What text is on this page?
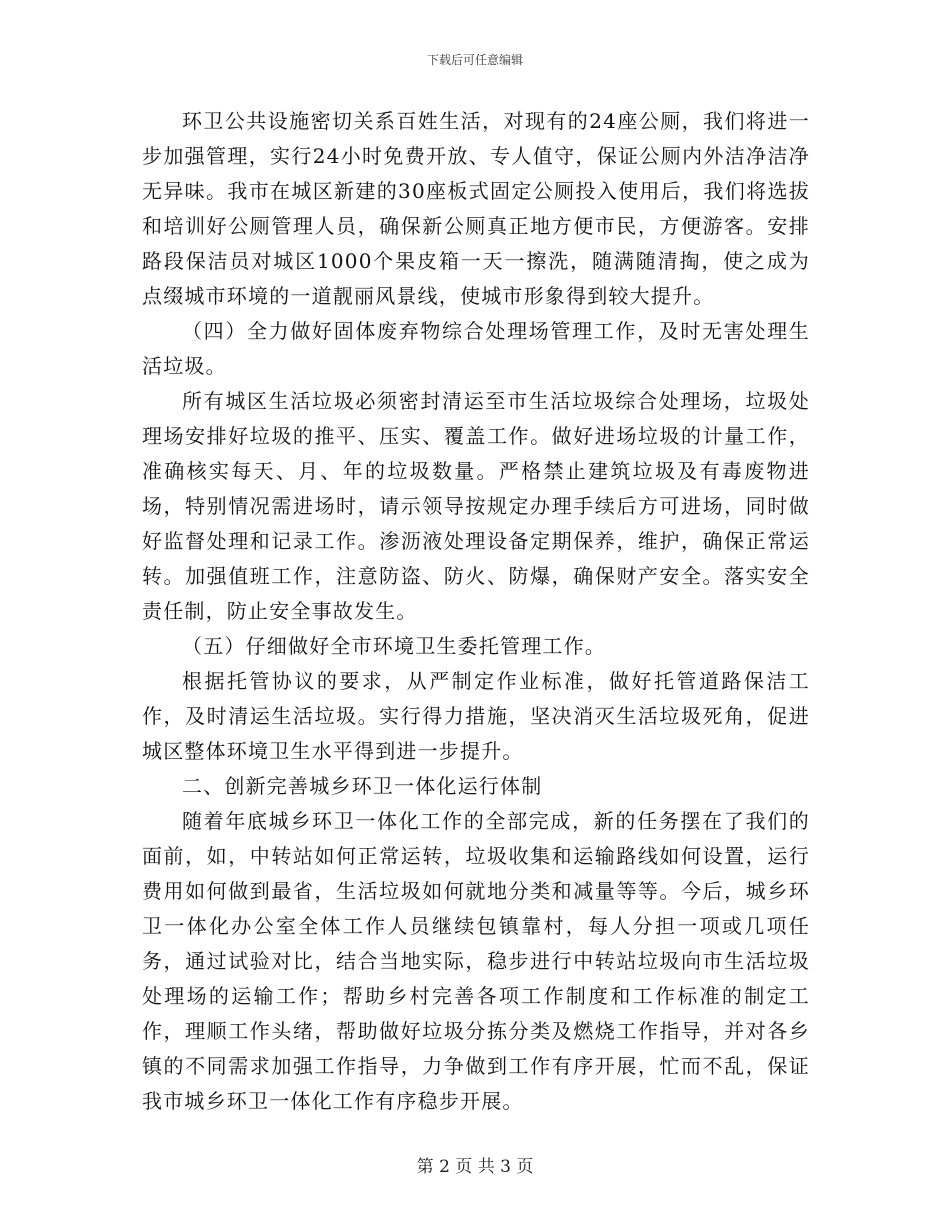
下载后可任意编辑

环卫公共设施密切关系百姓生活，对现有的24座公厕，我们将进一步加强管理，实行24小时免费开放、专人值守，保证公厕内外洁净洁净无异味。我市在城区新建的30座板式固定公厕投入使用后，我们将选拔和培训好公厕管理人员，确保新公厕真正地方便市民，方便游客。安排路段保洁员对城区1000个果皮箱一天一擦洗，随满随清掏，使之成为点缀城市环境的一道靓丽风景线，使城市形象得到较大提升。

（四）全力做好固体废弃物综合处理场管理工作，及时无害处理生活垃圾。

所有城区生活垃圾必须密封清运至市生活垃圾综合处理场，垃圾处理场安排好垃圾的推平、压实、覆盖工作。做好进场垃圾的计量工作，准确核实每天、月、年的垃圾数量。严格禁止建筑垃圾及有毒废物进场，特别情况需进场时，请示领导按规定办理手续后方可进场，同时做好监督处理和记录工作。渗沥液处理设备定期保养，维护，确保正常运转。加强值班工作，注意防盗、防火、防爆，确保财产安全。落实安全责任制，防止安全事故发生。

（五）仔细做好全市环境卫生委托管理工作。

根据托管协议的要求，从严制定作业标准，做好托管道路保洁工作，及时清运生活垃圾。实行得力措施，坚决消灭生活垃圾死角，促进城区整体环境卫生水平得到进一步提升。

二、创新完善城乡环卫一体化运行体制

随着年底城乡环卫一体化工作的全部完成，新的任务摆在了我们的面前，如，中转站如何正常运转，垃圾收集和运输路线如何设置，运行费用如何做到最省，生活垃圾如何就地分类和减量等等。今后，城乡环卫一体化办公室全体工作人员继续包镇靠村，每人分担一项或几项任务，通过试验对比，结合当地实际，稳步进行中转站垃圾向市生活垃圾处理场的运输工作；帮助乡村完善各项工作制度和工作标准的制定工作，理顺工作头绪，帮助做好垃圾分拣分类及燃烧工作指导，并对各乡镇的不同需求加强工作指导，力争做到工作有序开展，忙而不乱，保证我市城乡环卫一体化工作有序稳步开展。

第 2 页 共 3 页
